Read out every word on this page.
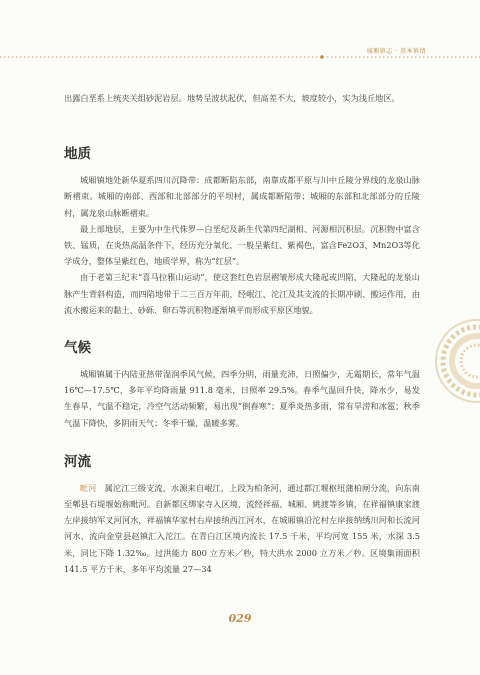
城厢镇志 · 基本镇情

出露白垩系上统夹关组砂泥岩层。地势呈波状起伏，但高差不大，坡度较小，实为浅丘地区。

地质

城厢镇地处新华夏系四川沉降带：成都断陷东部，南靠成都平原与川中丘陵分界线的龙泉山脉断褶束。城厢的南部、西部和北部部分的平坝村，属成都断陷带；城厢的东部和北部部分的丘陵村，属龙泉山脉断褶束。

最上部地层，主要为中生代侏罗—白垩纪及新生代第四纪湖相、河源相沉积层。沉积物中富含铁、锰质，在炎热高温条件下，经历充分氧化，一般呈紫红、紫褐色，富含Fe2O3、Mn2O3等化学成分，整体呈紫红色，地质学界，称为“红层”。

由于老第三纪末“喜马拉雅山运动”，使这套红色岩层褶皱形成大隆起或凹陷，大隆起的龙泉山脉产生背斜构造，而四陷地带于二三百万年前，经岷江、沱江及其支流的长期冲刷、搬运作用，由流水搬运来的黏土、砂砾、卵石等沉积物逐渐填平而形成平原区地貌。

气候

城厢镇属于内陆亚热带湿润季风气候，四季分明，雨量充沛，日照偏少，无霜期长，常年气温 16℃—17.5℃，多年平均降雨量 911.8 毫米，日照率 29.5%。春季气温回升快，降水少，易发生春旱，气温不稳定，冷空气活动频繁，易出现“倒春寒”；夏季炎热多雨，常有旱涝和冰雹；秋季气温下降快，多阴雨天气；冬季干燥，温暖多雾。

河流

毗河 属沱江三级支流，水源来自岷江，上段为柏条河，通过都江堰枢纽蒲柏闸分流，向东南至郫县石堤堰始称毗河。自新都区绑家寺入区境，流经祥福、城厢、姚渡等乡镇，在祥福镇康家渡左岸接纳军叉河河水，祥福镇华家村右岸接纳西江河水，在城厢镇沿沱村左岸接纳绣川河和长流河河水，流向金堂县赵镇汇入沱江。在青白江区境内流长 17.5 千米，平均河宽 155 米，水深 3.5 米，同比下降 1.32‰。过洪能力 800 立方米／秒，特大洪水 2000 立方米／秒。区境集雨面积 141.5 平方千米，多年平均流量 27—34

029
